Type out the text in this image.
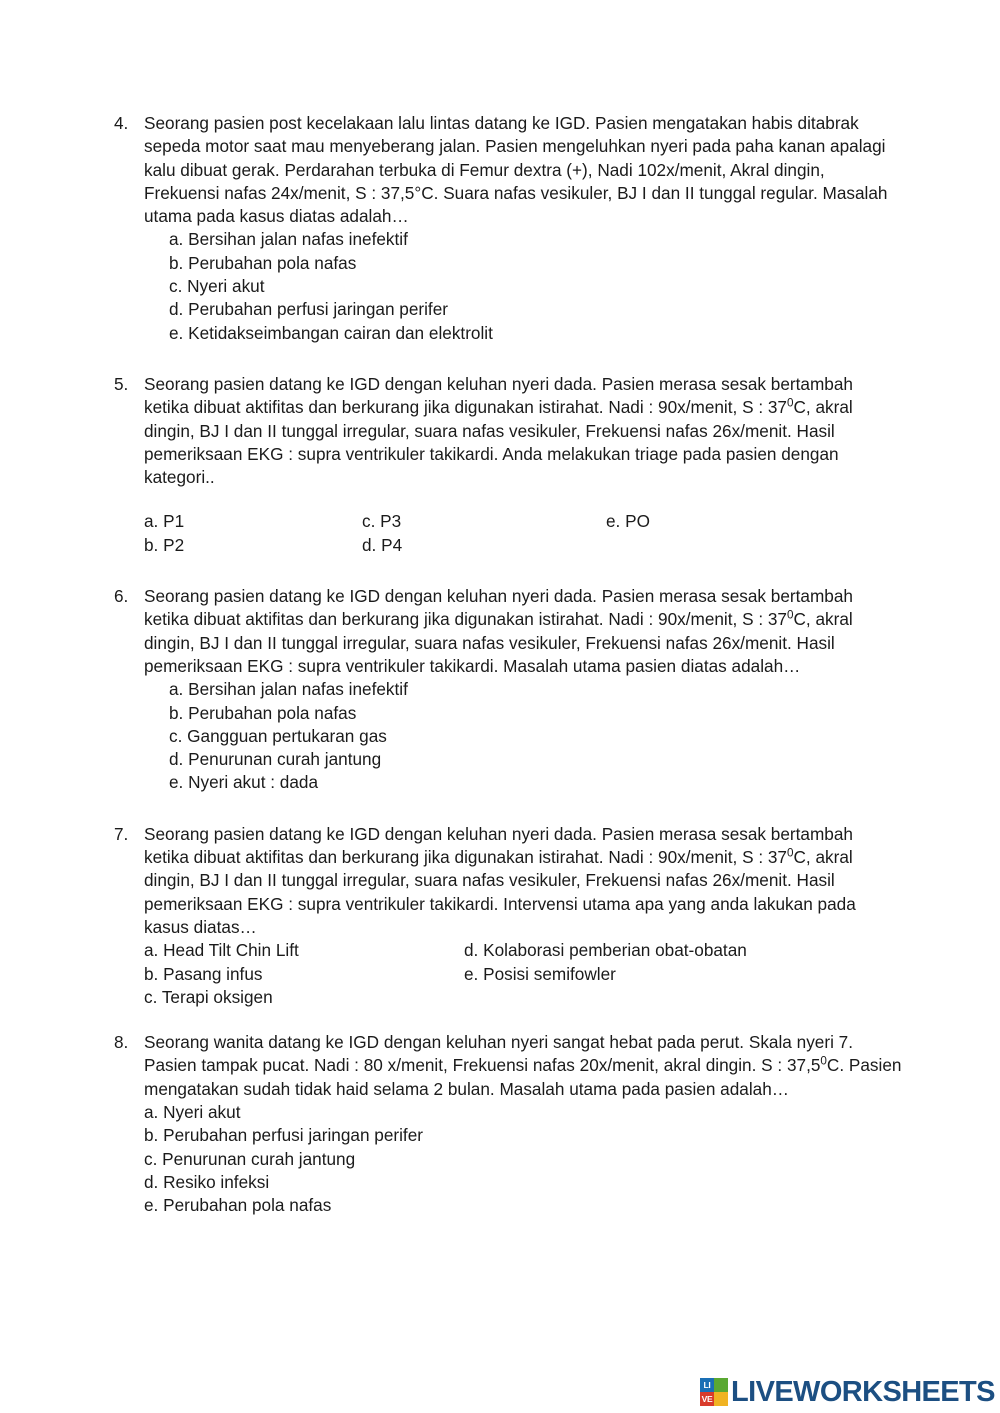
4. Seorang pasien post kecelakaan lalu lintas datang ke IGD. Pasien mengatakan habis ditabrak sepeda motor saat mau menyeberang jalan. Pasien mengeluhkan nyeri pada paha kanan apalagi kalu dibuat gerak. Perdarahan terbuka di Femur dextra (+), Nadi 102x/menit, Akral dingin, Frekuensi nafas 24x/menit, S : 37,5°C. Suara nafas vesikuler, BJ I dan II tunggal regular. Masalah utama pada kasus diatas adalah…

a. Bersihan jalan nafas inefektif
b. Perubahan pola nafas
c. Nyeri akut
d. Perubahan perfusi jaringan perifer
e. Ketidakseimbangan cairan dan elektrolit
5. Seorang pasien datang ke IGD dengan keluhan nyeri dada. Pasien merasa sesak bertambah ketika dibuat aktifitas dan berkurang jika digunakan istirahat. Nadi : 90x/menit, S : $37^0C$, akral dingin, BJ I dan II tunggal irregular, suara nafas vesikuler, Frekuensi nafas 26x/menit. Hasil pemeriksaan EKG : supra ventrikuler takikardi. Anda melakukan triage pada pasien dengan kategori..

a. P1
b. P2
c. P3
d. P4
e. PO
6. Seorang pasien datang ke IGD dengan keluhan nyeri dada. Pasien merasa sesak bertambah ketika dibuat aktifitas dan berkurang jika digunakan istirahat. Nadi : 90x/menit, S : $37^0C$, akral dingin, BJ I dan II tunggal irregular, suara nafas vesikuler, Frekuensi nafas 26x/menit. Hasil pemeriksaan EKG : supra ventrikuler takikardi. Masalah utama pasien diatas adalah…

a. Bersihan jalan nafas inefektif
b. Perubahan pola nafas
c. Gangguan pertukaran gas
d. Penurunan curah jantung
e. Nyeri akut : dada
7. Seorang pasien datang ke IGD dengan keluhan nyeri dada. Pasien merasa sesak bertambah ketika dibuat aktifitas dan berkurang jika digunakan istirahat. Nadi : 90x/menit, S : $37^0C$, akral dingin, BJ I dan II tunggal irregular, suara nafas vesikuler, Frekuensi nafas 26x/menit. Hasil pemeriksaan EKG : supra ventrikuler takikardi. Intervensi utama apa yang anda lakukan pada kasus diatas…

a. Head Tilt Chin Lift
b. Pasang infus
c. Terapi oksigen
d. Kolaborasi pemberian obat-obatan
e. Posisi semifowler
8. Seorang wanita datang ke IGD dengan keluhan nyeri sangat hebat pada perut. Skala nyeri 7. Pasien tampak pucat. Nadi : 80 x/menit, Frekuensi nafas 20x/menit, akral dingin. S : 37,5$^0$C. Pasien mengatakan sudah tidak haid selama 2 bulan. Masalah utama pada pasien adalah…

a. Nyeri akut
b. Perubahan perfusi jaringan perifer
c. Penurunan curah jantung
d. Resiko infeksi
e. Perubahan pola nafas
LI
VE LIVEWORKSHEETS
